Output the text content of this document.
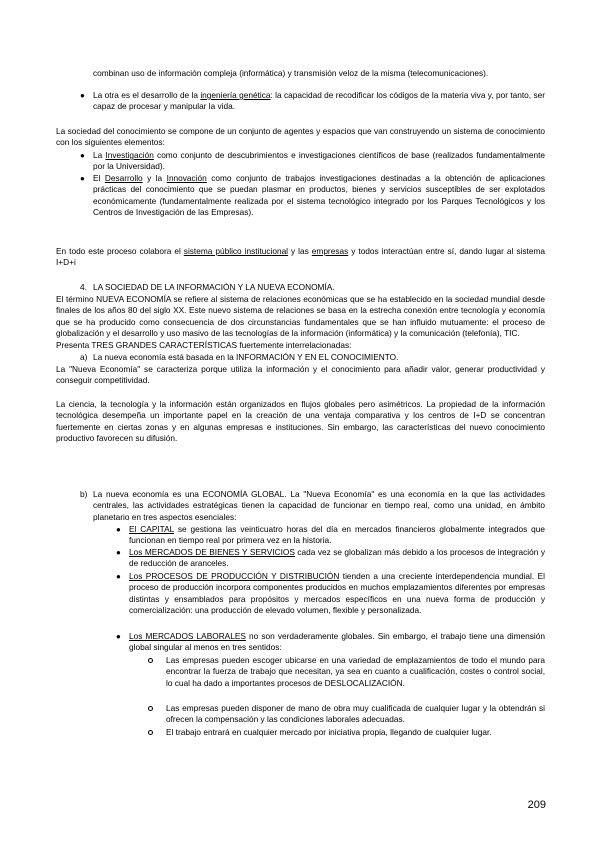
combinan uso de información compleja (informática) y transmisión veloz de la misma (telecomunicaciones).

● La otra es el desarrollo de la ingeniería genética: la capacidad de recodificar los códigos de la materia viva y, por tanto, ser capaz de procesar y manipular la vida.

La sociedad del conocimiento se compone de un conjunto de agentes y espacios que van construyendo un sistema de conocimiento con los siguientes elementos:

● La Investigación como conjunto de descubrimientos e investigaciones científicos de base (realizados fundamentalmente por la Universidad).

● El Desarrollo y la Innovación como conjunto de trabajos investigaciones destinadas a la obtención de aplicaciones prácticas del conocimiento que se puedan plasmar en productos, bienes y servicios susceptibles de ser explotados económicamente (fundamentalmente realizada por el sistema tecnológico integrado por los Parques Tecnológicos y los Centros de Investigación de las Empresas).

En todo este proceso colabora el sistema público institucional y las empresas y todos interactúan entre sí, dando lugar al sistema I+D+i

4. LA SOCIEDAD DE LA INFORMACIÓN Y LA NUEVA ECONOMÍA.

El término NUEVA ECONOMÍA se refiere al sistema de relaciones económicas que se ha establecido en la sociedad mundial desde finales de los años 80 del siglo XX. Este nuevo sistema de relaciones se basa en la estrecha conexión entre tecnología y economía que se ha producido como consecuencia de dos circunstancias fundamentales que se han influido mutuamente: el proceso de globalización y el desarrollo y uso masivo de las tecnologías de la información (informática) y la comunicación (telefonía), TIC.

Presenta TRES GRANDES CARACTERÍSTICAS fuertemente interrelacionadas:

a) La nueva economía está basada en la INFORMACIÓN Y EN EL CONOCIMIENTO.

La "Nueva Economía" se caracteriza porque utiliza la información y el conocimiento para añadir valor, generar productividad y conseguir competitividad.

La ciencia, la tecnología y la información están organizados en flujos globales pero asimétricos. La propiedad de la información tecnológica desempeña un importante papel en la creación de una ventaja comparativa y los centros de I+D se concentran fuertemente en ciertas zonas y en algunas empresas e instituciones. Sin embargo, las características del nuevo conocimiento productivo favorecen su difusión.

b) La nueva economía es una ECONOMÍA GLOBAL. La "Nueva Economía" es una economía en la que las actividades centrales, las actividades estratégicas tienen la capacidad de funcionar en tiempo real, como una unidad, en ámbito planetario en tres aspectos esenciales:

● El CAPITAL se gestiona las veinticuatro horas del día en mercados financieros globalmente integrados que funcionan en tiempo real por primera vez en la historia.

● Los MERCADOS DE BIENES Y SERVICIOS cada vez se globalizan más debido a los procesos de integración y de reducción de aranceles.

● Los PROCESOS DE PRODUCCIÓN Y DISTRIBUCIÓN tienden a una creciente interdependencia mundial. El proceso de producción incorpora componentes producidos en muchos emplazamientos diferentes por empresas distintas y ensamblados para propósitos y mercados específicos en una nueva forma de producción y comercialización: una producción de elevado volumen, flexible y personalizada.

● Los MERCADOS LABORALES no son verdaderamente globales. Sin embargo, el trabajo tiene una dimensión global singular al menos en tres sentidos:

Las empresas pueden escoger ubicarse en una variedad de emplazamientos de todo el mundo para encontrar la fuerza de trabajo que necesitan, ya sea en cuanto a cualificación, costes o control social, lo cual ha dado a importantes procesos de DESLOCALIZACIÓN.

Las empresas pueden disponer de mano de obra muy cualificada de cualquier lugar y la obtendrán si ofrecen la compensación y las condiciones laborales adecuadas.

El trabajo entrará en cualquier mercado por iniciativa propia, llegando de cualquier lugar.

209
